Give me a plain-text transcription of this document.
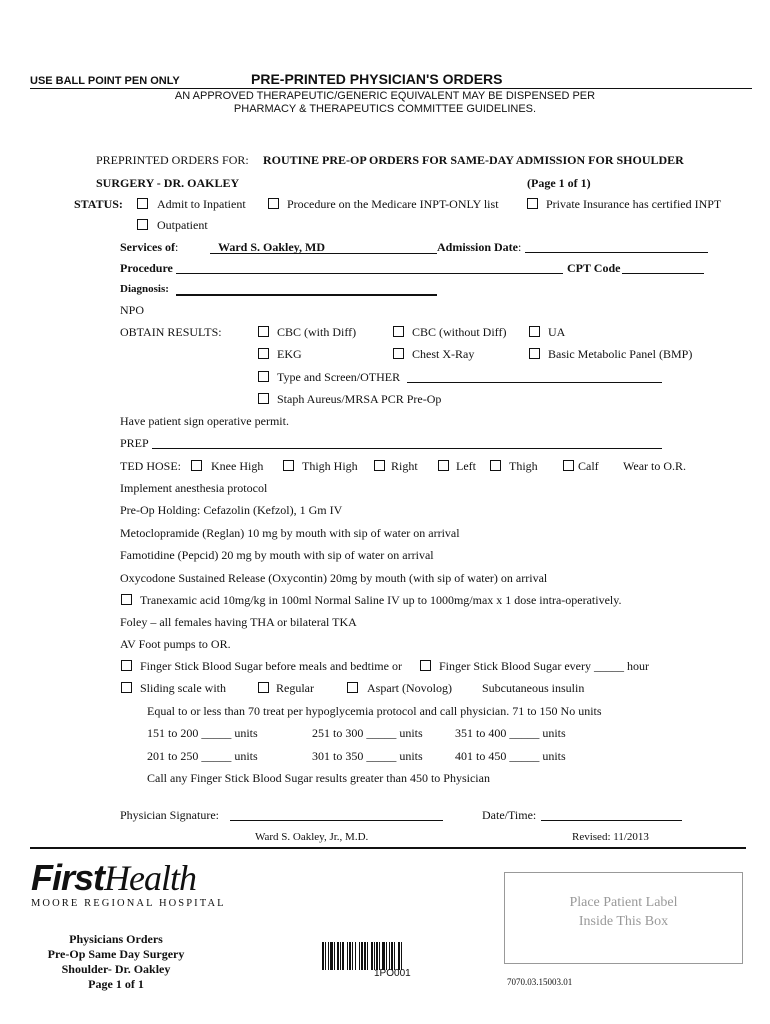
USE BALL POINT PEN ONLY	PRE-PRINTED PHYSICIAN'S ORDERS
AN APPROVED THERAPEUTIC/GENERIC EQUIVALENT MAY BE DISPENSED PER
PHARMACY & THERAPEUTICS COMMITTEE GUIDELINES.
PREPRINTED ORDERS FOR: ROUTINE PRE-OP ORDERS FOR SAME-DAY ADMISSION FOR SHOULDER
SURGERY - DR. OAKLEY	(Page 1 of 1)
STATUS:	Admit to Inpatient	Procedure on the Medicare INPT-ONLY list	Private Insurance has certified INPT
Outpatient
Services of:	Ward S. Oakley, MD	Admission Date:
Procedure	CPT Code
Diagnosis:
NPO
OBTAIN RESULTS:	CBC (with Diff)	CBC (without Diff)	UA
EKG	Chest X-Ray	Basic Metabolic Panel (BMP)
Type and Screen/OTHER
Staph Aureus/MRSA PCR Pre-Op
Have patient sign operative permit.
PREP
TED HOSE:	Knee High	Thigh High	Right	Left	Thigh	Calf Wear to O.R.
Implement anesthesia protocol
Pre-Op Holding: Cefazolin (Kefzol), 1 Gm IV
Metoclopramide (Reglan) 10 mg by mouth with sip of water on arrival
Famotidine (Pepcid) 20 mg by mouth with sip of water on arrival
Oxycodone Sustained Release (Oxycontin) 20mg by mouth (with sip of water) on arrival
Tranexamic acid 10mg/kg in 100ml Normal Saline IV up to 1000mg/max x 1 dose intra-operatively.
Foley – all females having THA or bilateral TKA
AV Foot pumps to OR.
Finger Stick Blood Sugar before meals and bedtime or	Finger Stick Blood Sugar every _____ hour
Sliding scale with	Regular	Aspart (Novolog)	Subcutaneous insulin
Equal to or less than 70 treat per hypoglycemia protocol and call physician. 71 to 150 No units
151 to 200 _____ units	251 to 300 _____ units	351 to 400 _____ units
201 to 250 _____ units	301 to 350 _____ units	401 to 450 _____ units
Call any Finger Stick Blood Sugar results greater than 450 to Physician
Physician Signature:	Date/Time:
Ward S. Oakley, Jr., M.D.	Revised: 11/2013
FirstHealth
MOORE REGIONAL HOSPITAL
Physicians Orders
Pre-Op Same Day Surgery
Shoulder- Dr. Oakley
Page 1 of 1
1PO001
7070.03.15003.01
Place Patient Label
Inside This Box
